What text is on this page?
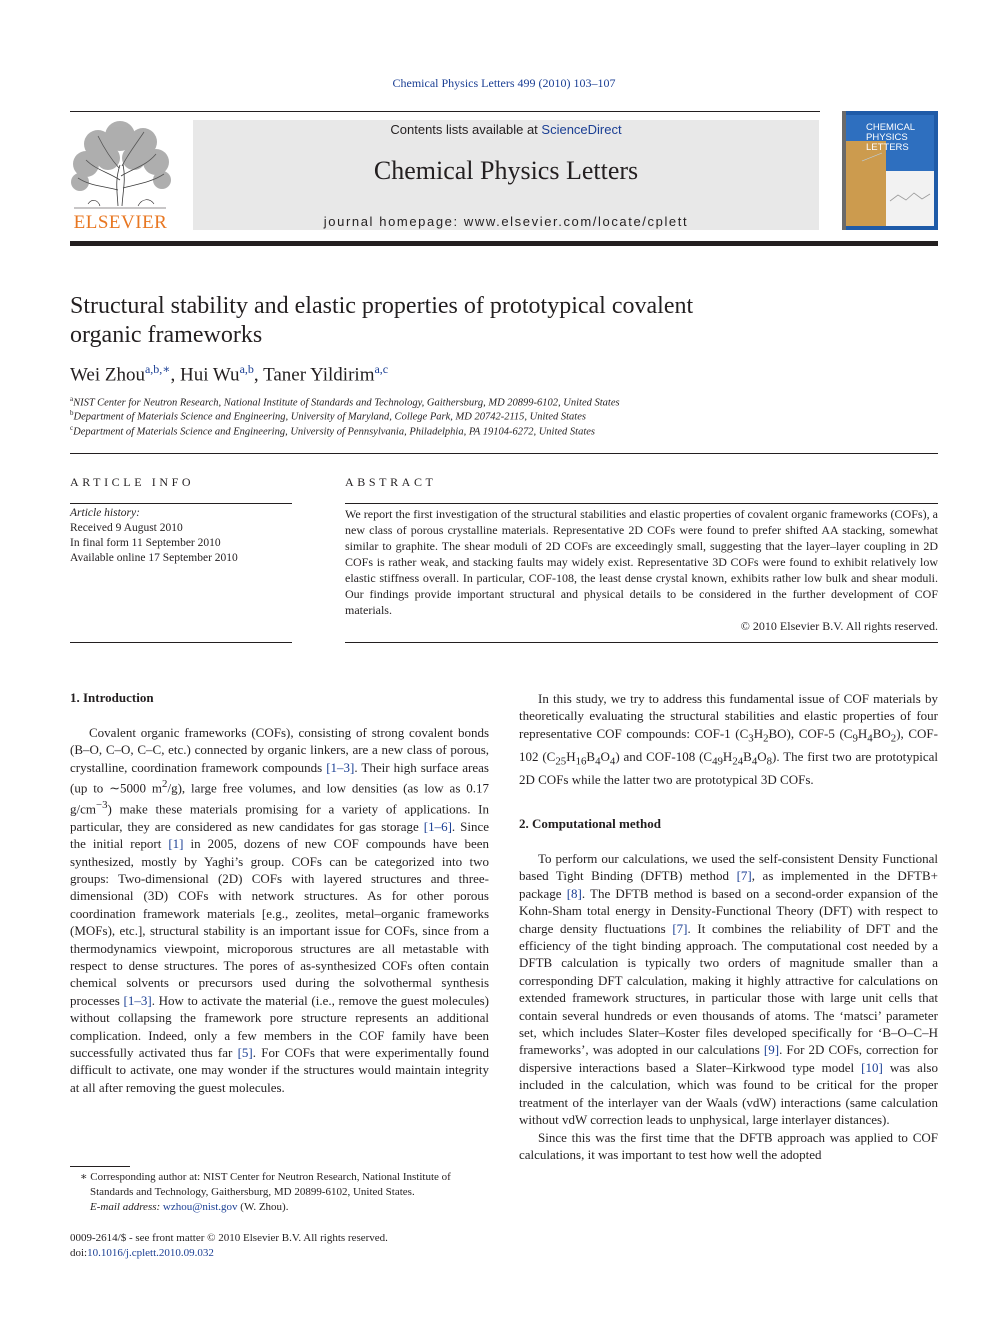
Chemical Physics Letters 499 (2010) 103–107
ELSEVIER
Contents lists available at ScienceDirect
Chemical Physics Letters
journal homepage: www.elsevier.com/locate/cplett
CHEMICAL
PHYSICS
LETTERS
Structural stability and elastic properties of prototypical covalent
organic frameworks
Wei Zhou$^{a,b,∗}$, Hui Wu$^{a,b}$, Taner Yildirim$^{a,c}$
$^a$NIST Center for Neutron Research, National Institute of Standards and Technology, Gaithersburg, MD 20899-6102, United States
$^b$Department of Materials Science and Engineering, University of Maryland, College Park, MD 20742-2115, United States
$^c$Department of Materials Science and Engineering, University of Pennsylvania, Philadelphia, PA 19104-6272, United States
ARTICLE INFO
Article history:
Received 9 August 2010
In final form 11 September 2010
Available online 17 September 2010
ABSTRACT
We report the first investigation of the structural stabilities and elastic properties of covalent organic frameworks (COFs), a new class of porous crystalline materials. Representative 2D COFs were found to prefer shifted AA stacking, somewhat similar to graphite. The shear moduli of 2D COFs are exceedingly small, suggesting that the layer–layer coupling in 2D COFs is rather weak, and stacking faults may widely exist. Representative 3D COFs were found to exhibit relatively low elastic stiffness overall. In particular, COF-108, the least dense crystal known, exhibits rather low bulk and shear moduli. Our findings provide important structural and physical details to be considered in the further development of COF materials.
© 2010 Elsevier B.V. All rights reserved.
1. Introduction

Covalent organic frameworks (COFs), consisting of strong covalent bonds (B–O, C–O, C–C, etc.) connected by organic linkers, are a new class of porous, crystalline, coordination framework compounds [1–3]. Their high surface areas (up to ∼5000 $m^2/g$), large free volumes, and low densities (as low as 0.17 $g/cm^{-3}$) make these materials promising for a variety of applications. In particular, they are considered as new candidates for gas storage [1–6]. Since the initial report [1] in 2005, dozens of new COF compounds have been synthesized, mostly by Yaghi’s group. COFs can be categorized into two groups: Two-dimensional (2D) COFs with layered structures and three-dimensional (3D) COFs with network structures. As for other porous coordination framework materials [e.g., zeolites, metal–organic frameworks (MOFs), etc.], structural stability is an important issue for COFs, since from a thermodynamics viewpoint, microporous structures are all metastable with respect to dense structures. The pores of as-synthesized COFs often contain chemical solvents or precursors used during the solvothermal synthesis processes [1–3]. How to activate the material (i.e., remove the guest molecules) without collapsing the framework pore structure represents an additional complication. Indeed, only a few members in the COF family have been successfully activated thus far [5]. For COFs that were experimentally found difficult to activate, one may wonder if the structures would maintain integrity at all after removing the guest molecules.

In this study, we try to address this fundamental issue of COF materials by theoretically evaluating the structural stabilities and elastic properties of four representative COF compounds: COF-1 $(C_3H_2BO)$, COF-5 $(C_9H_4BO_2)$, COF-102 $(C_{25}H_{16}B_4O_4)$ and COF-108 $(C_{49}H_{24}B_4O_8)$. The first two are prototypical 2D COFs while the latter two are prototypical 3D COFs.

2. Computational method

To perform our calculations, we used the self-consistent Density Functional based Tight Binding (DFTB) method [7], as implemented in the DFTB+ package [8]. The DFTB method is based on a second-order expansion of the Kohn-Sham total energy in Density-Functional Theory (DFT) with respect to charge density fluctuations [7]. It combines the reliability of DFT and the efficiency of the tight binding approach. The computational cost needed by a DFTB calculation is typically two orders of magnitude smaller than a corresponding DFT calculation, making it highly attractive for calculations on extended framework structures, in particular those with large unit cells that contain several hundreds or even thousands of atoms. The ‘matsci’ parameter set, which includes Slater–Koster files developed specifically for ‘B–O–C–H frameworks’, was adopted in our calculations [9]. For 2D COFs, correction for dispersive interactions based a Slater–Kirkwood type model [10] was also included in the calculation, which was found to be critical for the proper treatment of the interlayer van der Waals (vdW) interactions (same calculation without vdW correction leads to unphysical, large interlayer distances).

Since this was the first time that the DFTB approach was applied to COF calculations, it was important to test how well the adopted

∗ Corresponding author at: NIST Center for Neutron Research, National Institute of Standards and Technology, Gaithersburg, MD 20899-6102, United States.
E-mail address: wzhou@nist.gov (W. Zhou).
0009-2614/$ - see front matter © 2010 Elsevier B.V. All rights reserved.
doi:10.1016/j.cplett.2010.09.032
